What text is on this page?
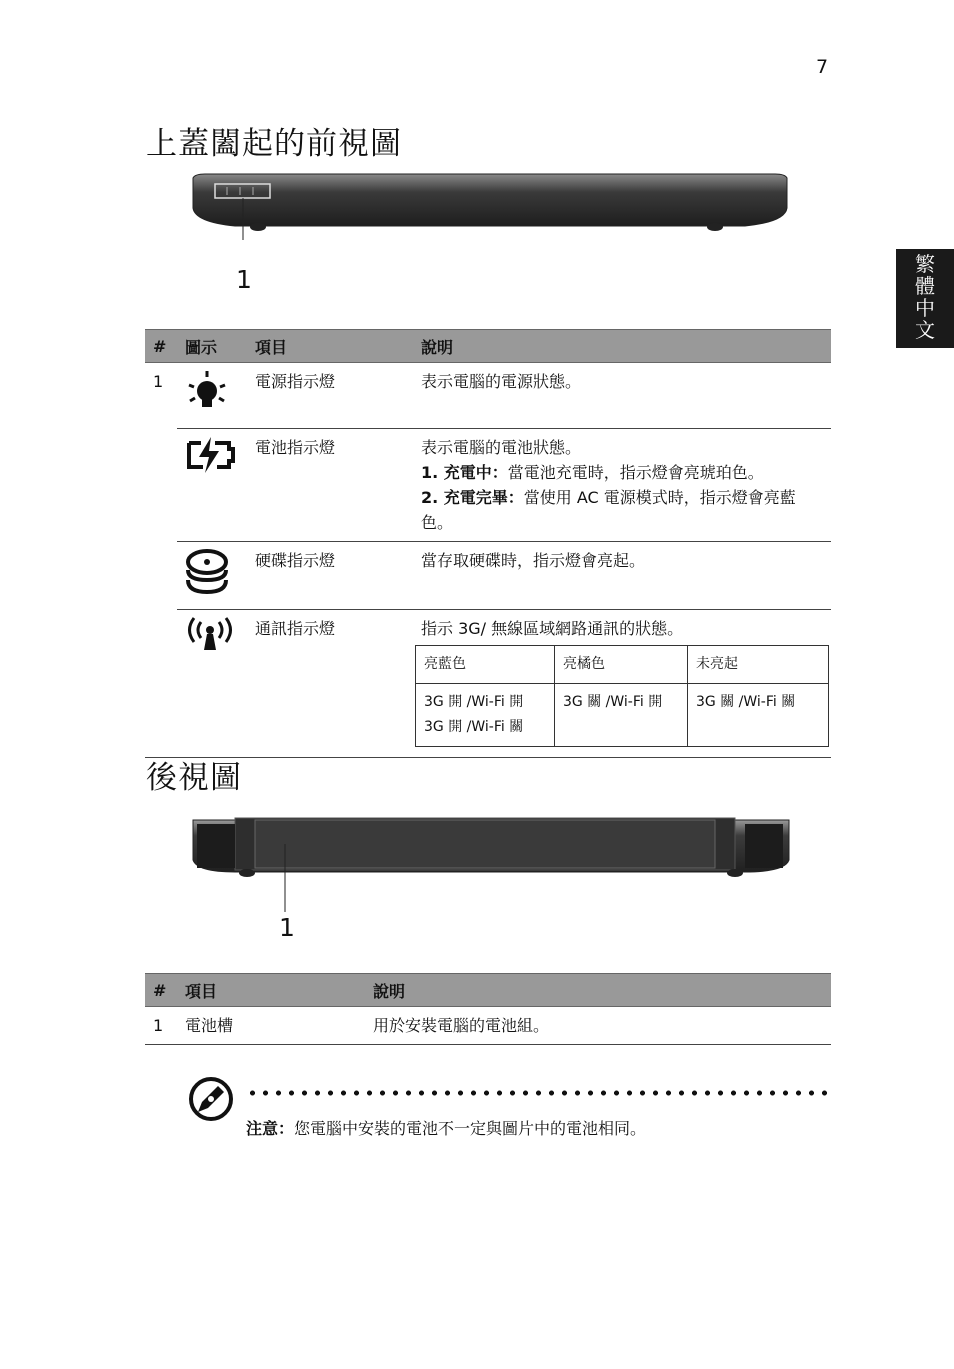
7
繁
體
中
文
上蓋闔起的前視圖
1
#	圖示	項目	說明
1		電源指示燈	表示電腦的電源狀態。
		電池指示燈	表示電腦的電池狀態。
1. 充電中：當電池充電時，指示燈會亮琥珀色。
2. 充電完畢：當使用 AC 電源模式時，指示燈會亮藍色。

		硬碟指示燈	當存取硬碟時，指示燈會亮起。
		通訊指示燈	指示 3G/ 無線區域網路通訊的狀態。
亮藍色	亮橘色	未亮起

3G 開 /Wi-Fi 開
3G 開 /Wi-Fi 關
	3G 關 /Wi-Fi 開	3G 關 /Wi-Fi 關
後視圖
1
#	項目	說明
1	電池槽	用於安裝電腦的電池組。
注意：您電腦中安裝的電池不一定與圖片中的電池相同。
